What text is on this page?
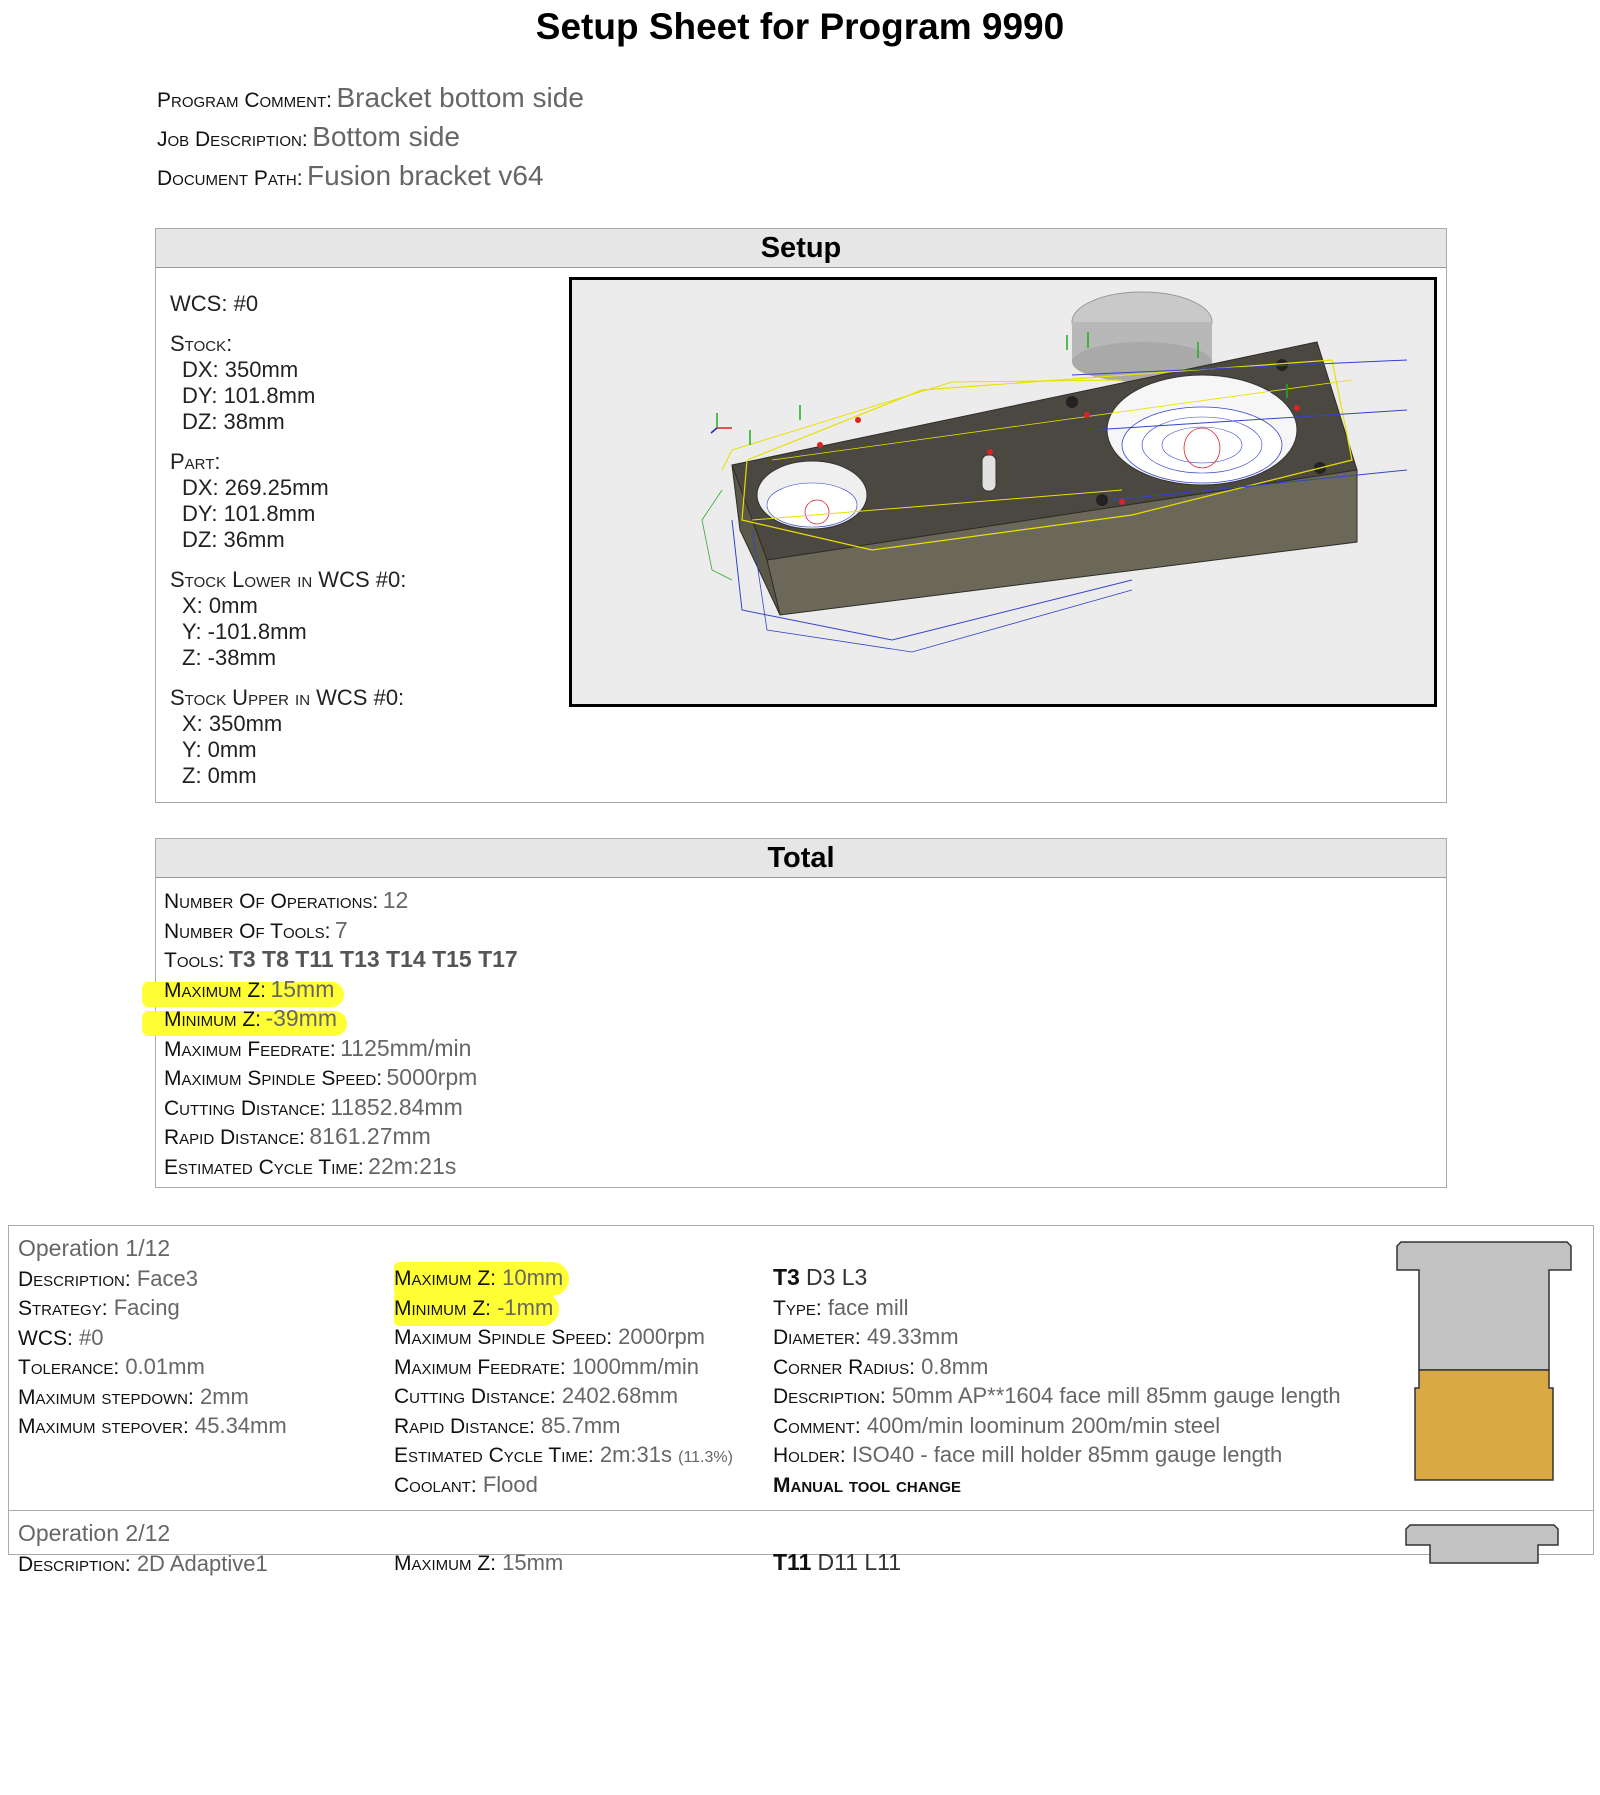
Setup Sheet for Program 9990
Program Comment: Bracket bottom side
Job Description: Bottom side
Document Path: Fusion bracket v64
Setup
WCS: #0
Stock:
DX: 350mm
DY: 101.8mm
DZ: 38mm
Part:
DX: 269.25mm
DY: 101.8mm
DZ: 36mm
Stock Lower in WCS #0:
X: 0mm
Y: -101.8mm
Z: -38mm
Stock Upper in WCS #0:
X: 350mm
Y: 0mm
Z: 0mm
Total
Number Of Operations: 12
Number Of Tools: 7
Tools: T3 T8 T11 T13 T14 T15 T17
Maximum Z: 15mm
Minimum Z: -39mm
Maximum Feedrate: 1125mm/min
Maximum Spindle Speed: 5000rpm
Cutting Distance: 11852.84mm
Rapid Distance: 8161.27mm
Estimated Cycle Time: 22m:21s
Operation 1/12
Description: Face3
Strategy: Facing
WCS: #0
Tolerance: 0.01mm
Maximum stepdown: 2mm
Maximum stepover: 45.34mm
Maximum Z: 10mm
Minimum Z: -1mm
Maximum Spindle Speed: 2000rpm
Maximum Feedrate: 1000mm/min
Cutting Distance: 2402.68mm
Rapid Distance: 85.7mm
Estimated Cycle Time: 2m:31s (11.3%)
Coolant: Flood
T3 D3 L3
Type: face mill
Diameter: 49.33mm
Corner Radius: 0.8mm
Description: 50mm AP**1604 face mill 85mm gauge length
Comment: 400m/min loominum 200m/min steel
Holder: ISO40 - face mill holder 85mm gauge length
Manual tool change
Operation 2/12
Description: 2D Adaptive1	Maximum Z: 15mm	T11 D11 L11
